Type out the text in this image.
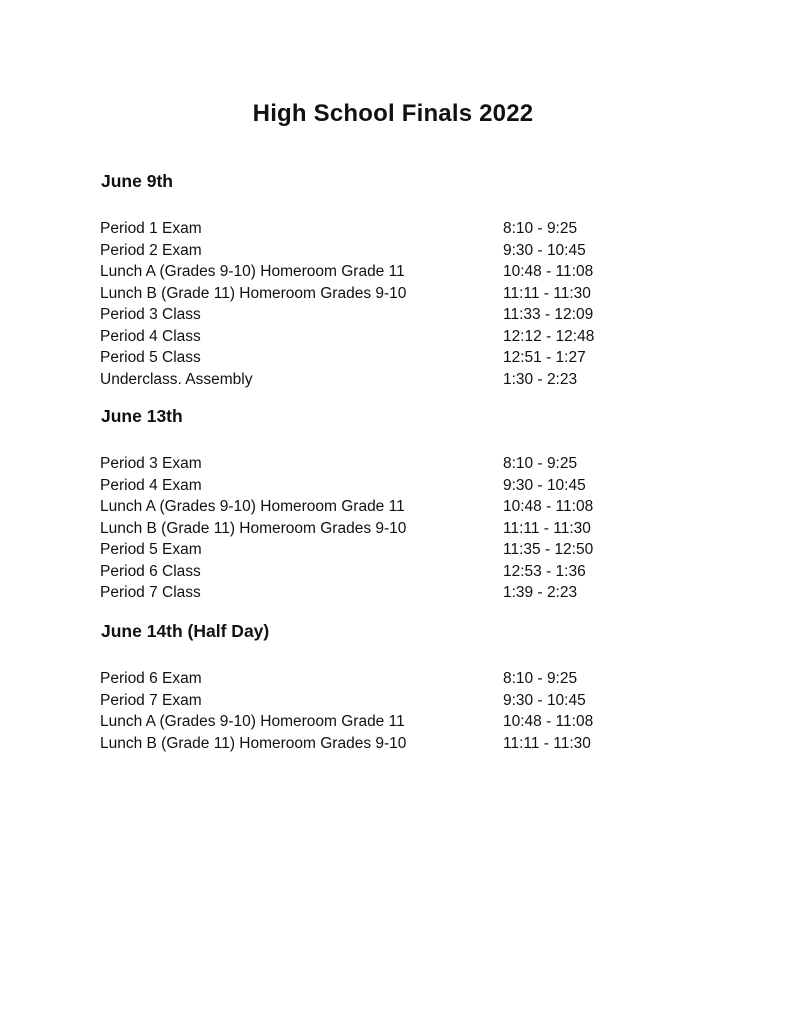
High School Finals 2022
June 9th
Period 1 Exam	8:10 - 9:25
Period 2 Exam	9:30 - 10:45
Lunch A (Grades 9-10) Homeroom Grade 11	10:48 - 11:08
Lunch B (Grade 11) Homeroom Grades 9-10	11:11 - 11:30
Period 3 Class	11:33 - 12:09
Period 4 Class	12:12 - 12:48
Period 5 Class	12:51 - 1:27
Underclass. Assembly	1:30 - 2:23
June 13th
Period 3 Exam	8:10 - 9:25
Period 4 Exam	9:30 - 10:45
Lunch A (Grades 9-10) Homeroom Grade 11	10:48 - 11:08
Lunch B (Grade 11) Homeroom Grades 9-10	11:11 - 11:30
Period 5 Exam	11:35 - 12:50
Period 6 Class	12:53 - 1:36
Period 7 Class	1:39 - 2:23
June 14th (Half Day)
Period 6 Exam	8:10 - 9:25
Period 7 Exam	9:30 - 10:45
Lunch A (Grades 9-10) Homeroom Grade 11	10:48 - 11:08
Lunch B (Grade 11) Homeroom Grades 9-10	11:11 - 11:30
